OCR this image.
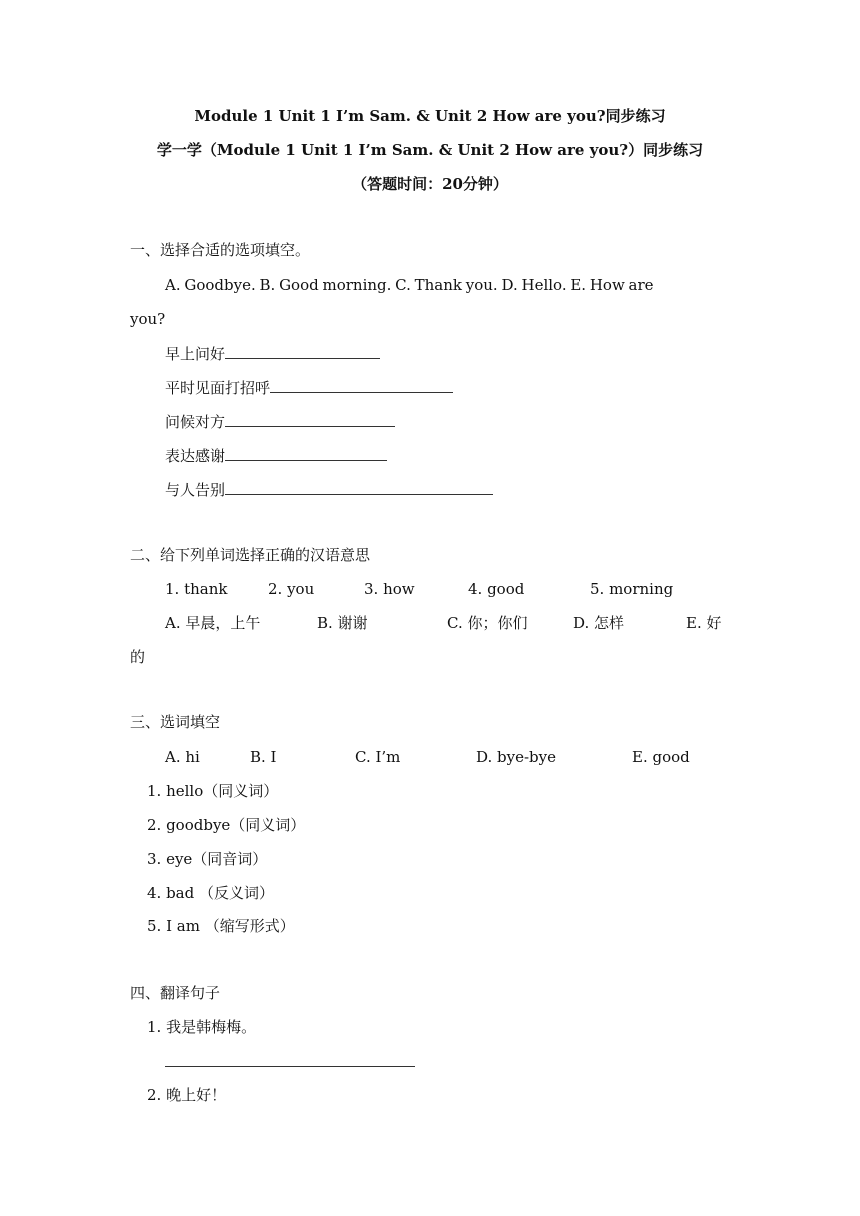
Module 1 Unit 1 I’m Sam. & Unit 2 How are you?同步练习
学一学（Module 1 Unit 1 I’m Sam. & Unit 2 How are you?）同步练习
（答题时间：20分钟）
一、选择合适的选项填空。
A. Goodbye. B. Good morning. C. Thank you. D. Hello. E. How are
you?
早上问好
平时见面打招呼
问候对方
表达感谢
与人告别
二、给下列单词选择正确的汉语意思
1. thank	2. you	3. how	4. good	5. morning
A. 早晨，上午	B. 谢谢	C. 你；你们	D. 怎样	E. 好
的
三、选词填空
A. hi	B. I	C. I’m	D. bye-bye	E. good
1. hello（同义词）
2. goodbye（同义词）
3. eye（同音词）
4. bad （反义词）
5. I am （缩写形式）
四、翻译句子
1. 我是韩梅梅。
2. 晚上好！
